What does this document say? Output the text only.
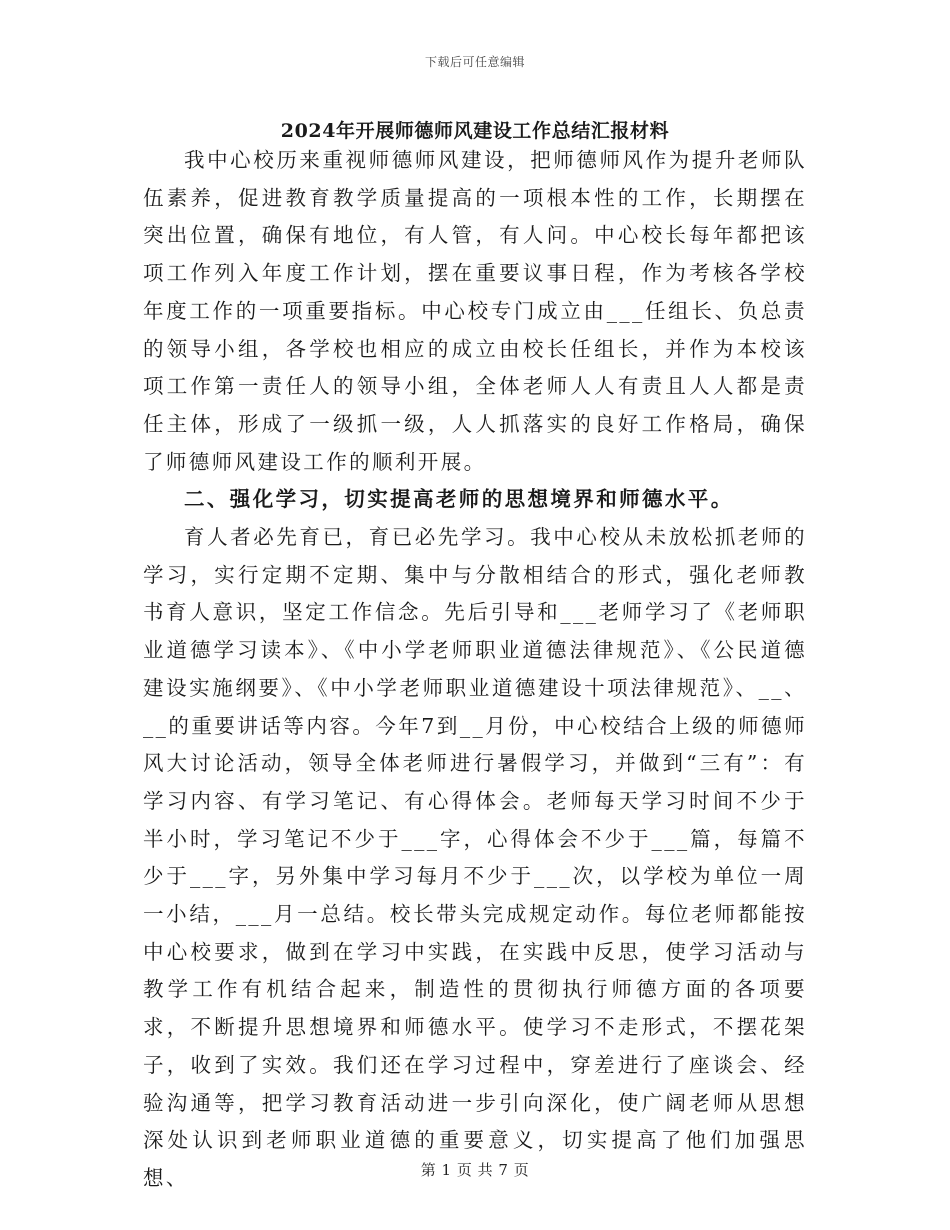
下载后可任意编辑
2024年开展师德师风建设工作总结汇报材料

我中心校历来重视师德师风建设，把师德师风作为提升老师队伍素养，促进教育教学质量提高的一项根本性的工作，长期摆在突出位置，确保有地位，有人管，有人问。中心校长每年都把该项工作列入年度工作计划，摆在重要议事日程，作为考核各学校年度工作的一项重要指标。中心校专门成立由___任组长、负总责的领导小组，各学校也相应的成立由校长任组长，并作为本校该项工作第一责任人的领导小组，全体老师人人有责且人人都是责任主体，形成了一级抓一级，人人抓落实的良好工作格局，确保了师德师风建设工作的顺利开展。

二、强化学习，切实提高老师的思想境界和师德水平。

育人者必先育已，育已必先学习。我中心校从未放松抓老师的学习，实行定期不定期、集中与分散相结合的形式，强化老师教书育人意识，坚定工作信念。先后引导和___老师学习了《老师职业道德学习读本》、《中小学老师职业道德法律规范》、《公民道德建设实施纲要》、《中小学老师职业道德建设十项法律规范》、__、__的重要讲话等内容。今年7到__月份，中心校结合上级的师德师风大讨论活动，领导全体老师进行暑假学习，并做到“三有”：有学习内容、有学习笔记、有心得体会。老师每天学习时间不少于半小时，学习笔记不少于___字，心得体会不少于___篇，每篇不少于___字，另外集中学习每月不少于___次，以学校为单位一周一小结，___月一总结。校长带头完成规定动作。每位老师都能按中心校要求，做到在学习中实践，在实践中反思，使学习活动与教学工作有机结合起来，制造性的贯彻执行师德方面的各项要求，不断提升思想境界和师德水平。使学习不走形式，不摆花架子，收到了实效。我们还在学习过程中，穿差进行了座谈会、经验沟通等，把学习教育活动进一步引向深化，使广阔老师从思想深处认识到老师职业道德的重要意义，切实提高了他们加强思想、	第 1 页 共 7 页
